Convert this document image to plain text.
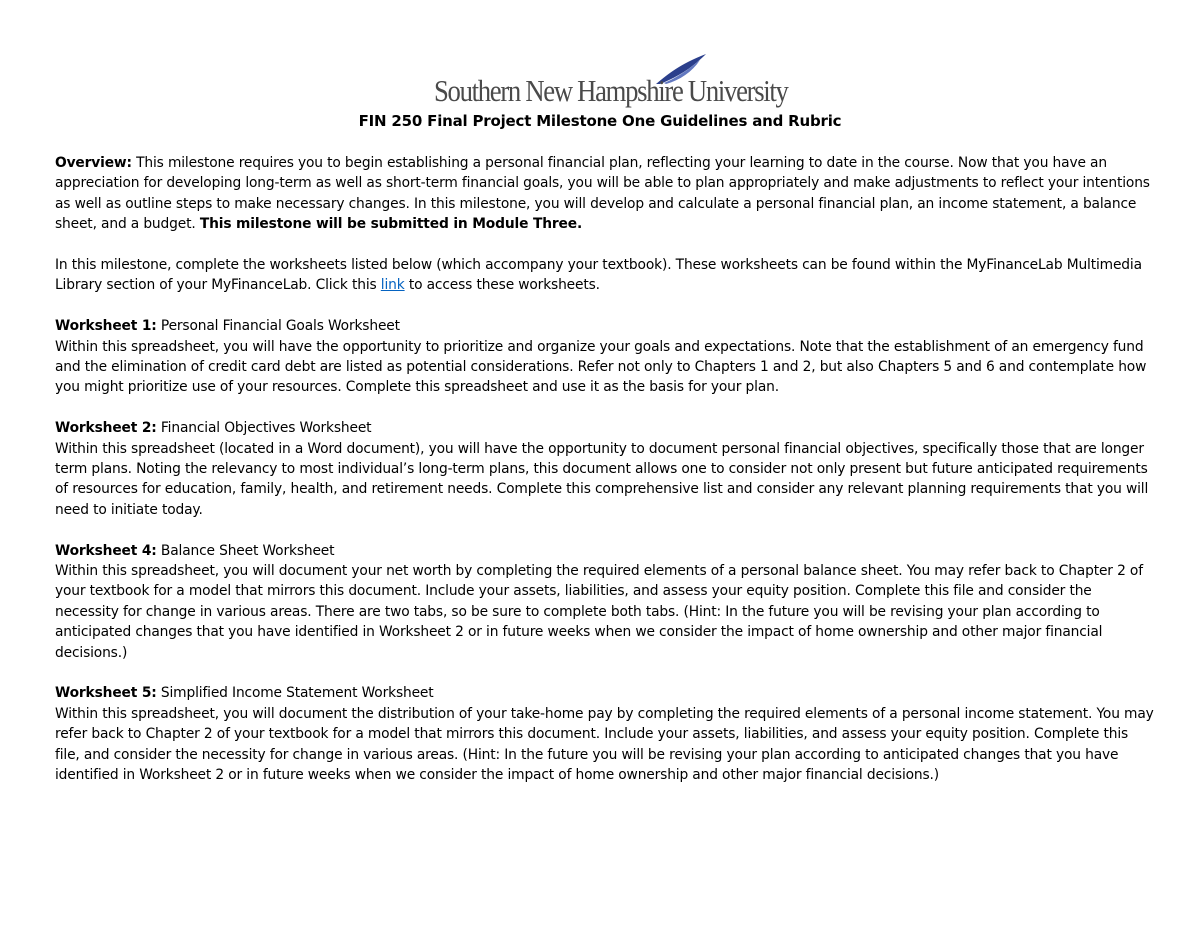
Southern New Hampshire University
FIN 250 Final Project Milestone One Guidelines and Rubric

Overview: This milestone requires you to begin establishing a personal financial plan, reflecting your learning to date in the course. Now that you have an appreciation for developing long-term as well as short-term financial goals, you will be able to plan appropriately and make adjustments to reflect your intentions as well as outline steps to make necessary changes. In this milestone, you will develop and calculate a personal financial plan, an income statement, a balance sheet, and a budget. This milestone will be submitted in Module Three.

In this milestone, complete the worksheets listed below (which accompany your textbook). These worksheets can be found within the MyFinanceLab Multimedia Library section of your MyFinanceLab. Click this link to access these worksheets.

Worksheet 1: Personal Financial Goals Worksheet
Within this spreadsheet, you will have the opportunity to prioritize and organize your goals and expectations. Note that the establishment of an emergency fund and the elimination of credit card debt are listed as potential considerations. Refer not only to Chapters 1 and 2, but also Chapters 5 and 6 and contemplate how you might prioritize use of your resources. Complete this spreadsheet and use it as the basis for your plan.

Worksheet 2: Financial Objectives Worksheet
Within this spreadsheet (located in a Word document), you will have the opportunity to document personal financial objectives, specifically those that are longer term plans. Noting the relevancy to most individual’s long-term plans, this document allows one to consider not only present but future anticipated requirements of resources for education, family, health, and retirement needs. Complete this comprehensive list and consider any relevant planning requirements that you will need to initiate today.

Worksheet 4: Balance Sheet Worksheet
Within this spreadsheet, you will document your net worth by completing the required elements of a personal balance sheet. You may refer back to Chapter 2 of your textbook for a model that mirrors this document. Include your assets, liabilities, and assess your equity position. Complete this file and consider the necessity for change in various areas. There are two tabs, so be sure to complete both tabs. (Hint: In the future you will be revising your plan according to anticipated changes that you have identified in Worksheet 2 or in future weeks when we consider the impact of home ownership and other major financial decisions.)

Worksheet 5: Simplified Income Statement Worksheet
Within this spreadsheet, you will document the distribution of your take-home pay by completing the required elements of a personal income statement. You may refer back to Chapter 2 of your textbook for a model that mirrors this document. Include your assets, liabilities, and assess your equity position. Complete this file, and consider the necessity for change in various areas. (Hint: In the future you will be revising your plan according to anticipated changes that you have identified in Worksheet 2 or in future weeks when we consider the impact of home ownership and other major financial decisions.)
